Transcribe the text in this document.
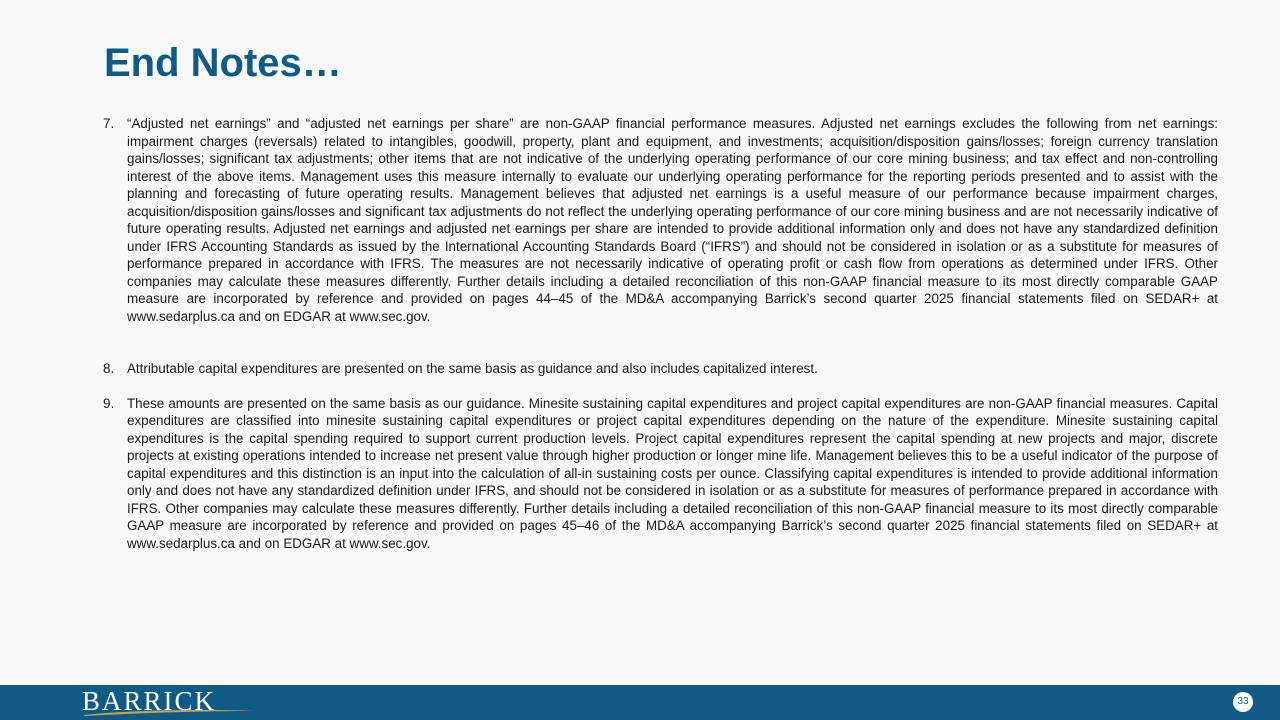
End Notes…
7. “Adjusted net earnings” and “adjusted net earnings per share” are non-GAAP financial performance measures. Adjusted net earnings excludes the following from net earnings: impairment charges (reversals) related to intangibles, goodwill, property, plant and equipment, and investments; acquisition/disposition gains/losses; foreign currency translation gains/losses; significant tax adjustments; other items that are not indicative of the underlying operating performance of our core mining business; and tax effect and non-controlling interest of the above items. Management uses this measure internally to evaluate our underlying operating performance for the reporting periods presented and to assist with the planning and forecasting of future operating results. Management believes that adjusted net earnings is a useful measure of our performance because impairment charges, acquisition/disposition gains/losses and significant tax adjustments do not reflect the underlying operating performance of our core mining business and are not necessarily indicative of future operating results. Adjusted net earnings and adjusted net earnings per share are intended to provide additional information only and does not have any standardized definition under IFRS Accounting Standards as issued by the International Accounting Standards Board (“IFRS”) and should not be considered in isolation or as a substitute for measures of performance prepared in accordance with IFRS. The measures are not necessarily indicative of operating profit or cash flow from operations as determined under IFRS. Other companies may calculate these measures differently. Further details including a detailed reconciliation of this non-GAAP financial measure to its most directly comparable GAAP measure are incorporated by reference and provided on pages 44–45 of the MD&A accompanying Barrick’s second quarter 2025 financial statements filed on SEDAR+ at www.sedarplus.ca and on EDGAR at www.sec.gov.
8. Attributable capital expenditures are presented on the same basis as guidance and also includes capitalized interest.
9. These amounts are presented on the same basis as our guidance. Minesite sustaining capital expenditures and project capital expenditures are non-GAAP financial measures. Capital expenditures are classified into minesite sustaining capital expenditures or project capital expenditures depending on the nature of the expenditure. Minesite sustaining capital expenditures is the capital spending required to support current production levels. Project capital expenditures represent the capital spending at new projects and major, discrete projects at existing operations intended to increase net present value through higher production or longer mine life. Management believes this to be a useful indicator of the purpose of capital expenditures and this distinction is an input into the calculation of all-in sustaining costs per ounce. Classifying capital expenditures is intended to provide additional information only and does not have any standardized definition under IFRS, and should not be considered in isolation or as a substitute for measures of performance prepared in accordance with IFRS. Other companies may calculate these measures differently. Further details including a detailed reconciliation of this non-GAAP financial measure to its most directly comparable GAAP measure are incorporated by reference and provided on pages 45–46 of the MD&A accompanying Barrick’s second quarter 2025 financial statements filed on SEDAR+ at www.sedarplus.ca and on EDGAR at www.sec.gov.
BARRICK	33
